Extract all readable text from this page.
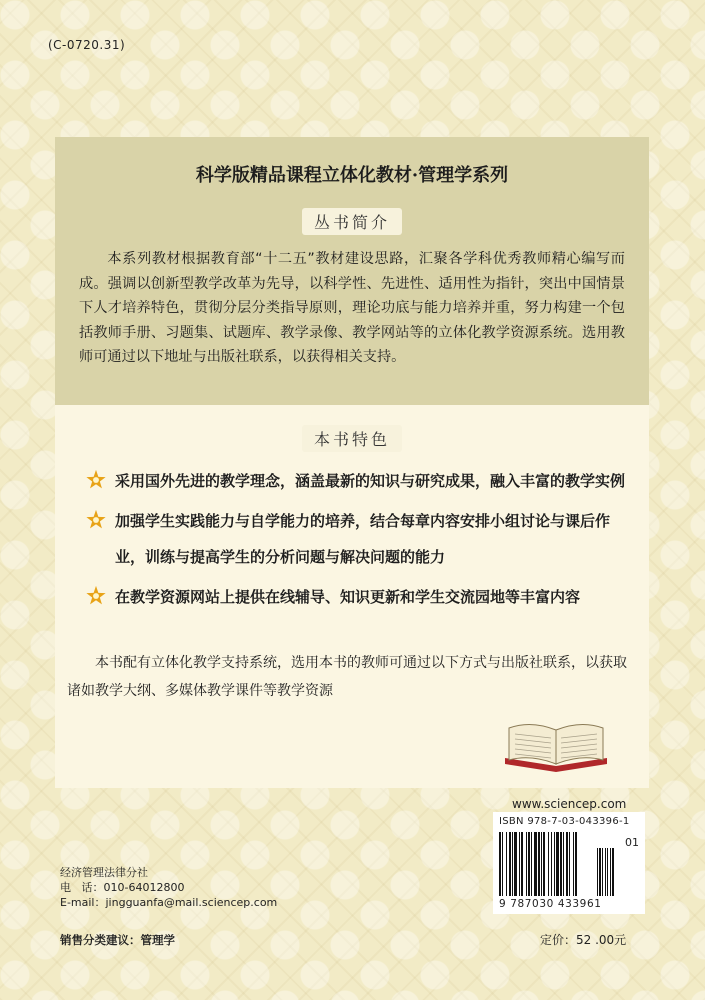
(C-0720.31)
科学版精品课程立体化教材·管理学系列
丛书简介
本系列教材根据教育部“十二五”教材建设思路，汇聚各学科优秀教师精心编写而成。强调以创新型教学改革为先导，以科学性、先进性、适用性为指针，突出中国情景下人才培养特色，贯彻分层分类指导原则，理论功底与能力培养并重，努力构建一个包括教师手册、习题集、试题库、教学录像、教学网站等的立体化教学资源系统。选用教师可通过以下地址与出版社联系，以获得相关支持。
本书特色
采用国外先进的教学理念，涵盖最新的知识与研究成果，融入丰富的教学实例
加强学生实践能力与自学能力的培养，结合每章内容安排小组讨论与课后作业，训练与提高学生的分析问题与解决问题的能力
在教学资源网站上提供在线辅导、知识更新和学生交流园地等丰富内容
本书配有立体化教学支持系统，选用本书的教师可通过以下方式与出版社联系，以获取诸如教学大纲、多媒体教学课件等教学资源
www.sciencep.com
ISBN 978-7-03-043396-1
01
9 787030 433961
经济管理法律分社
电   话： 010-64012800
E-mail： jingguanfa@mail.sciencep.com
销售分类建议：管理学	定价：52 .00元
